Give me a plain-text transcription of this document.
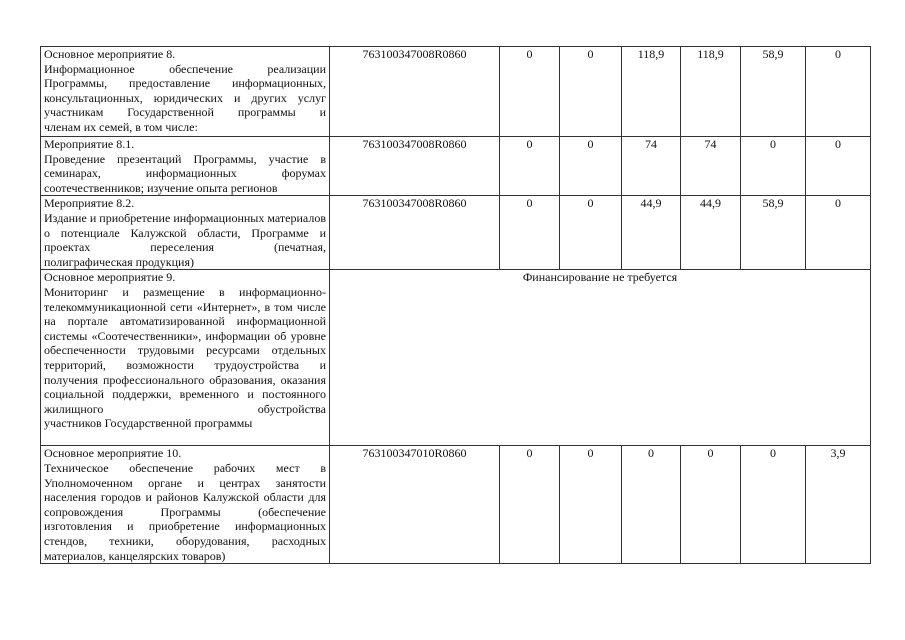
Основное мероприятие 8.
Информационное обеспечение реализации Программы, предоставление информационных, консультационных, юридических и других услуг участникам Государственной программы и
членам их семей, в том числе:	763100347008R0860	0	0	118,9	118,9	58,9	0

Мероприятие 8.1.
Проведение презентаций Программы, участие в семинарах, информационных форумах
соотечественников; изучение опыта регионов	763100347008R0860	0	0	74	74	0	0

Мероприятие 8.2.
Издание и приобретение информационных материалов о потенциале Калужской области, Программе и проектах переселения (печатная,
полиграфическая продукция)	763100347008R0860	0	0	44,9	44,9	58,9	0

Основное мероприятие 9.
Мониторинг и размещение в информационно-телекоммуникационной сети «Интернет», в том числе на портале автоматизированной информационной системы «Соотечественники», информации об уровне обеспеченности трудовыми ресурсами отдельных территорий, возможности трудоустройства и получения профессионального образования, оказания социальной поддержки, временного и постоянного жилищного обустройства
участников Государственной программы	Финансирование не требуется						

Основное мероприятие 10.
Техническое обеспечение рабочих мест в Уполномоченном органе и центрах занятости населения городов и районов Калужской области для сопровождения Программы (обеспечение изготовления и приобретение информационных стендов, техники, оборудования, расходных
материалов, канцелярских товаров)	763100347010R0860	0	0	0	0	0	3,9
